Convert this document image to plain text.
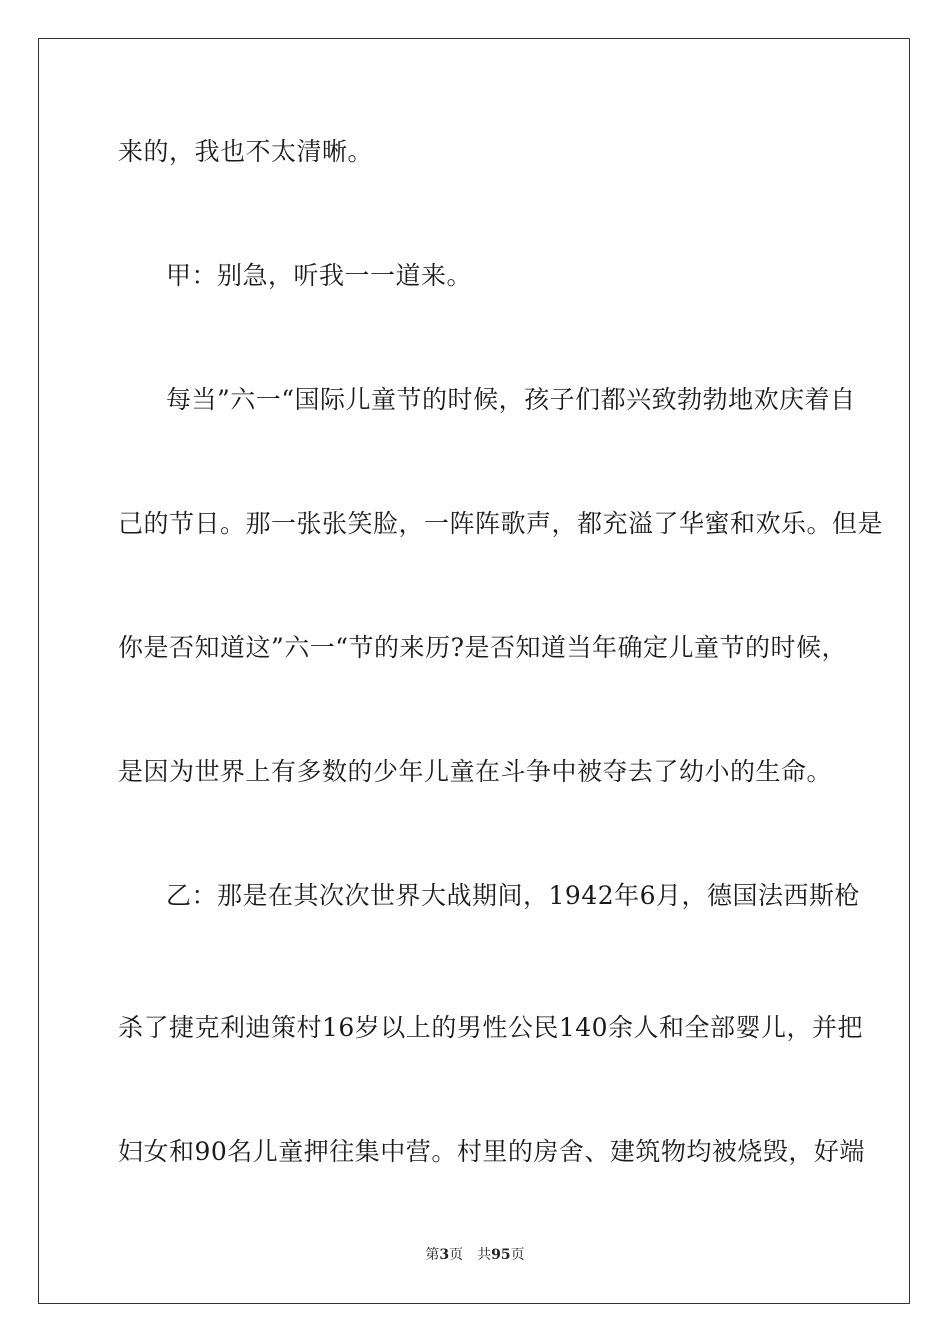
来的，我也不太清晰。
甲：别急，听我一一道来。
每当”六一“国际儿童节的时候，孩子们都兴致勃勃地欢庆着自
己的节日。那一张张笑脸，一阵阵歌声，都充溢了华蜜和欢乐。但是
你是否知道这”六一“节的来历?是否知道当年确定儿童节的时候，
是因为世界上有多数的少年儿童在斗争中被夺去了幼小的生命。
乙：那是在其次次世界大战期间，1942年6月，德国法西斯枪
杀了捷克利迪策村16岁以上的男性公民140余人和全部婴儿，并把
妇女和90名儿童押往集中营。村里的房舍、建筑物均被烧毁，好端
第3页 共95页
